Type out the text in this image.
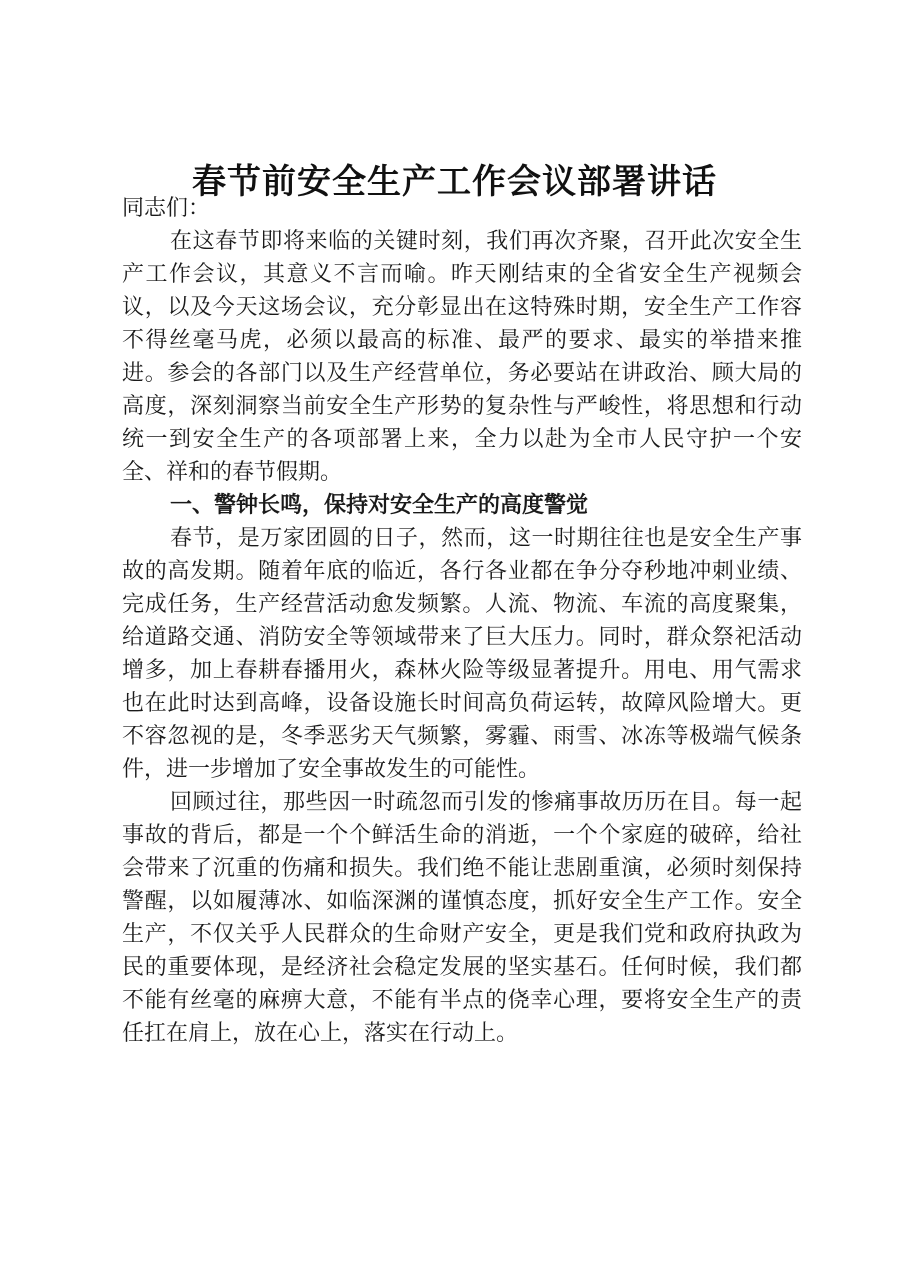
春节前安全生产工作会议部署讲话

同志们：

在这春节即将来临的关键时刻，我们再次齐聚，召开此次安全生产工作会议，其意义不言而喻。昨天刚结束的全省安全生产视频会议，以及今天这场会议，充分彰显出在这特殊时期，安全生产工作容不得丝毫马虎，必须以最高的标准、最严的要求、最实的举措来推进。参会的各部门以及生产经营单位，务必要站在讲政治、顾大局的高度，深刻洞察当前安全生产形势的复杂性与严峻性，将思想和行动统一到安全生产的各项部署上来，全力以赴为全市人民守护一个安全、祥和的春节假期。

一、警钟长鸣，保持对安全生产的高度警觉

春节，是万家团圆的日子，然而，这一时期往往也是安全生产事故的高发期。随着年底的临近，各行各业都在争分夺秒地冲刺业绩、完成任务，生产经营活动愈发频繁。人流、物流、车流的高度聚集，给道路交通、消防安全等领域带来了巨大压力。同时，群众祭祀活动增多，加上春耕春播用火，森林火险等级显著提升。用电、用气需求也在此时达到高峰，设备设施长时间高负荷运转，故障风险增大。更不容忽视的是，冬季恶劣天气频繁，雾霾、雨雪、冰冻等极端气候条件，进一步增加了安全事故发生的可能性。

回顾过往，那些因一时疏忽而引发的惨痛事故历历在目。每一起事故的背后，都是一个个鲜活生命的消逝，一个个家庭的破碎，给社会带来了沉重的伤痛和损失。我们绝不能让悲剧重演，必须时刻保持警醒，以如履薄冰、如临深渊的谨慎态度，抓好安全生产工作。安全生产，不仅关乎人民群众的生命财产安全，更是我们党和政府执政为民的重要体现，是经济社会稳定发展的坚实基石。任何时候，我们都不能有丝毫的麻痹大意，不能有半点的侥幸心理，要将安全生产的责任扛在肩上，放在心上，落实在行动上。
